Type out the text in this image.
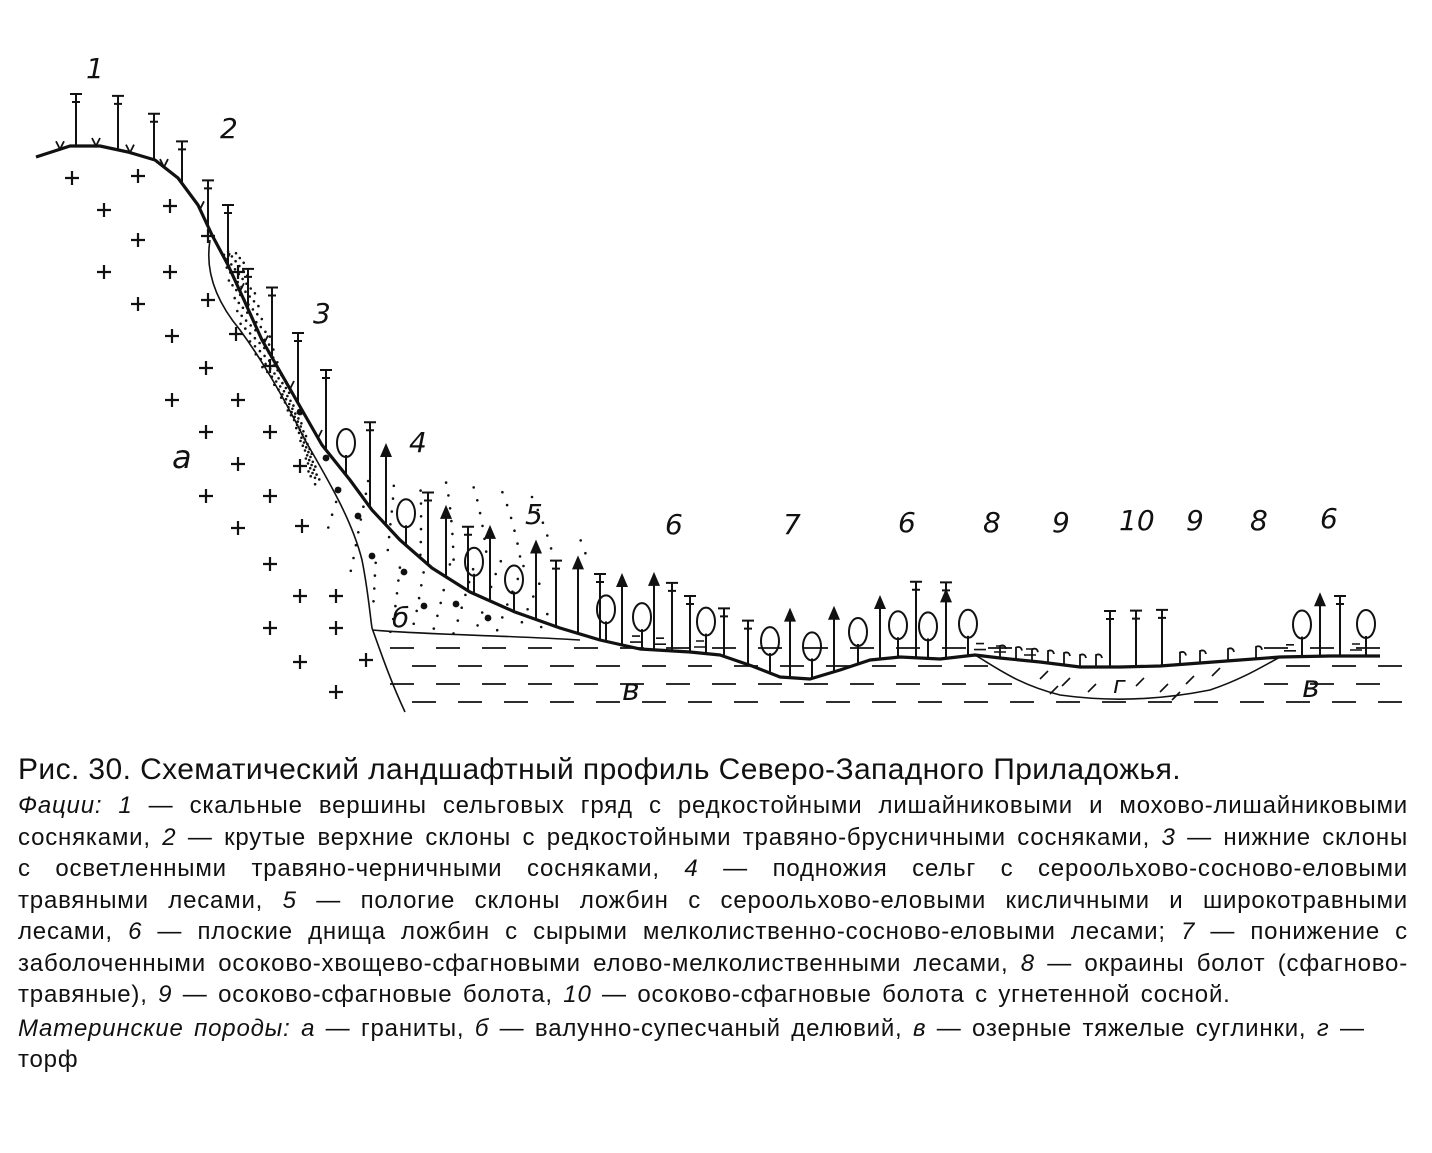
1
2
3
4
5	6	7	6 8 9 10 9 8 6
а
б
в	г	в

Рис. 30. Схематический ландшафтный профиль Северо-Западного Приладожья.

Фации: 1 — скальные вершины сельговых гряд с редкостойными лишайниковыми и мохово-лишайниковыми сосняками, 2 — крутые верхние склоны с редкостойными травяно-брусничными сосняками, 3 — нижние склоны с осветленными травяно-черничными сосняками, 4 — подножия сельг с сероольхово-сосново-еловыми травяными лесами, 5 — пологие склоны ложбин с сероольхово-еловыми кисличными и широкотравными лесами, 6 — плоские днища ложбин с сырыми мелколиственно-сосново-еловыми лесами; 7 — понижение с заболоченными осоково-хвощево-сфагновыми елово-мелколиственными лесами, 8 — окраины болот (сфагново-травяные), 9 — осоково-сфагновые болота, 10 — осоково-сфагновые болота с угнетенной сосной.

Материнские породы: а — граниты, б — валунно-супесчаный делювий, в — озерные тяжелые суглинки, г — торф
